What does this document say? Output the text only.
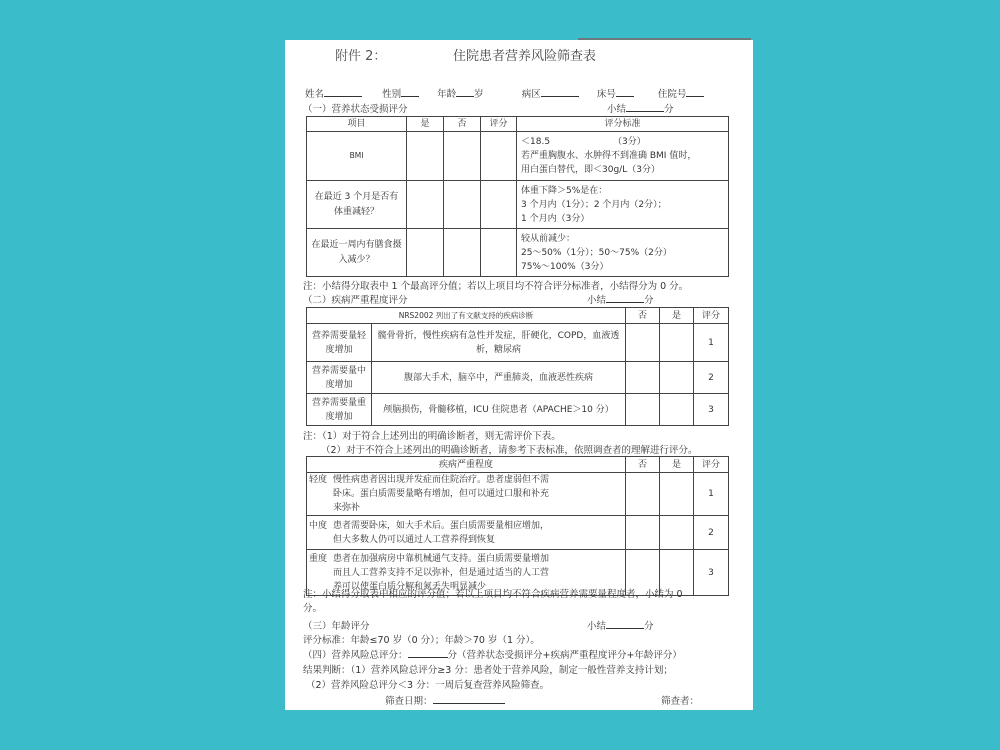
附件 2：	住院患者营养风险筛查表
姓名	性别	年龄 岁	病区	床号	住院号
（一）营养状态受损评分	小结	分
项目	是	否	评分	评分标准
BMI				＜18.5                      （3分）
若严重胸腹水、水肿得不到准确 BMI 值时，
用白蛋白替代，即＜30g/L（3分）

在最近 3 个月是否有体重减轻？				体重下降＞5%是在：
3 个月内（1分）；2 个月内（2分）；
1 个月内（3分）

在最近一周内有膳食摄入减少？				较从前减少：
25～50%（1分）；50～75%（2分）
75%～100%（3分）
注：小结得分取表中 1 个最高评分值；若以上项目均不符合评分标准者，小结得分为 0 分。
（二）疾病严重程度评分	小结	分
NRS2002 列出了有文献支持的疾病诊断		否	是	评分
营养需要量轻度增加	髋骨骨折，慢性疾病有急性并发症，肝硬化，COPD，血液透析，糖尿病			1
营养需要量中度增加	腹部大手术，脑卒中，严重肺炎，血液恶性疾病			2
营养需要量重度增加	颅脑损伤，骨髓移植，ICU 住院患者（APACHE＞10 分）			3
注：（1）对于符合上述列出的明确诊断者，则无需评价下表。
（2）对于不符合上述列出的明确诊断者，请参考下表标准，依照调查者的理解进行评分。
疾病严重程度	否	是	评分
轻度 慢性病患者因出现并发症而住院治疗。患者虚弱但不需卧床。蛋白质需要量略有增加，但可以通过口服和补充来弥补			1
中度 患者需要卧床，如大手术后。蛋白质需要量相应增加，但大多数人仍可以通过人工营养得到恢复			2
重度 患者在加强病房中靠机械通气支持。蛋白质需要量增加而且人工营养支持不足以弥补，但是通过适当的人工营养可以使蛋白质分解和氮丢失明显减少			3
注：小结得分取表中相应的评分值；若以上项目均不符合疾病营养需要量程度者，小结为 0
分。
（三）年龄评分	小结	分
评分标准：年龄≤70 岁（0 分）；年龄＞70 岁（1 分）。
（四）营养风险总评分：	分（营养状态受损评分+疾病严重程度评分+年龄评分）
结果判断：（1）营养风险总评分≥3 分：患者处于营养风险，制定一般性营养支持计划；
（2）营养风险总评分＜3 分：一周后复查营养风险筛查。
筛查日期：	筛查者：
